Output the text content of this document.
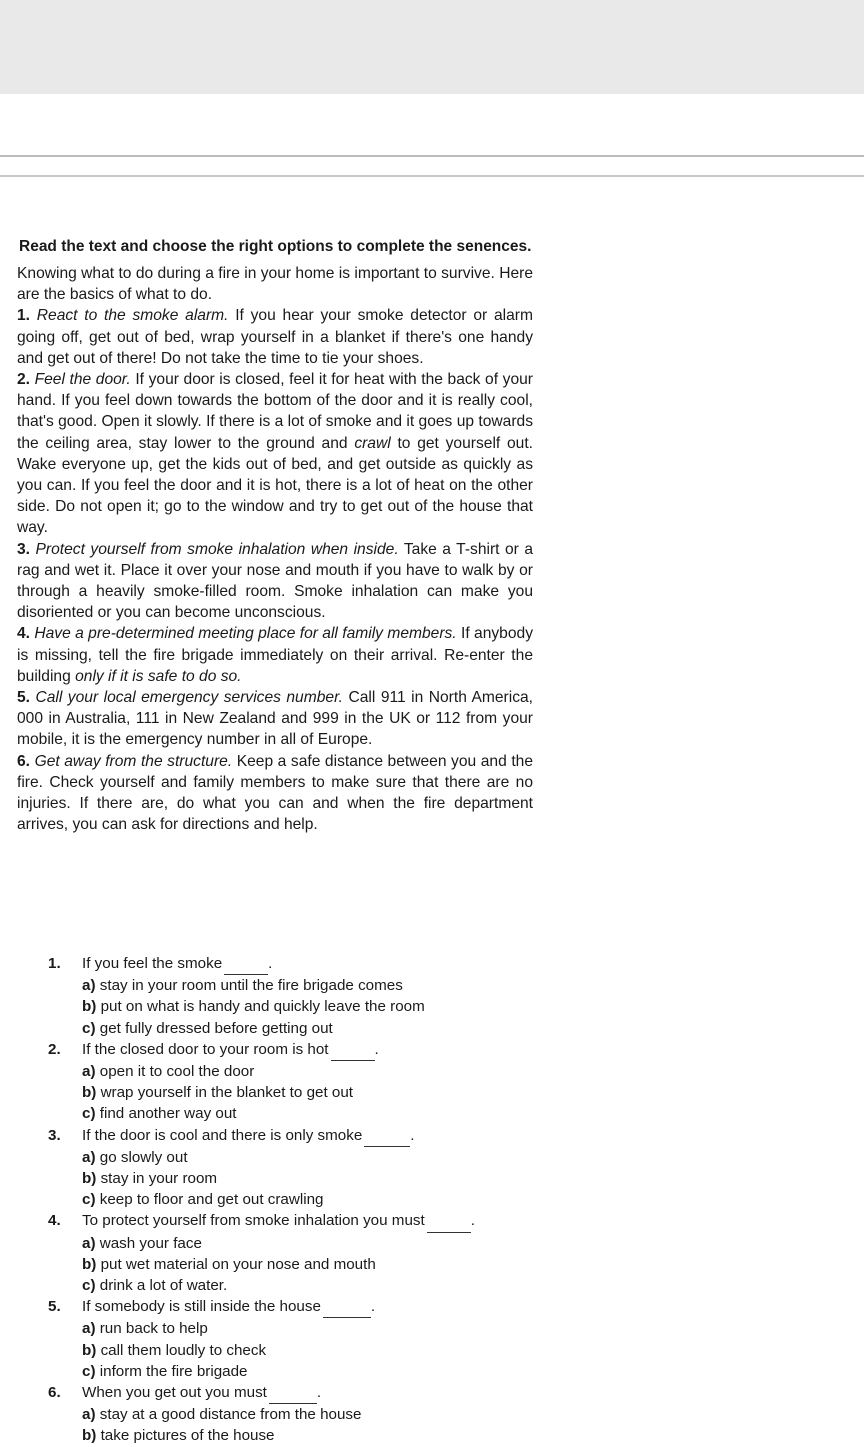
Read the text and choose the right options to complete the senences.

Knowing what to do during a fire in your home is important to survive. Here are the basics of what to do.

1. React to the smoke alarm. If you hear your smoke detector or alarm going off, get out of bed, wrap yourself in a blanket if there's one handy and get out of there! Do not take the time to tie your shoes.

2. Feel the door. If your door is closed, feel it for heat with the back of your hand. If you feel down towards the bottom of the door and it is really cool, that's good. Open it slowly. If there is a lot of smoke and it goes up towards the ceiling area, stay lower to the ground and crawl to get yourself out. Wake everyone up, get the kids out of bed, and get outside as quickly as you can. If you feel the door and it is hot, there is a lot of heat on the other side. Do not open it; go to the window and try to get out of the house that way.

3. Protect yourself from smoke inhalation when inside. Take a T-shirt or a rag and wet it. Place it over your nose and mouth if you have to walk by or through a heavily smoke-filled room. Smoke inhalation can make you disoriented or you can become unconscious.

4. Have a pre-determined meeting place for all family members. If anybody is missing, tell the fire brigade immediately on their arrival. Re-enter the building only if it is safe to do so.

5. Call your local emergency services number. Call 911 in North America, 000 in Australia, 111 in New Zealand and 999 in the UK or 112 from your mobile, it is the emergency number in all of Europe.

6. Get away from the structure. Keep a safe distance between you and the fire. Check yourself and family members to make sure that there are no injuries. If there are, do what you can and when the fire department arrives, you can ask for directions and help.

1.	If you feel the smoke	.
a) stay in your room until the fire brigade comes
b) put on what is handy and quickly leave the room
c) get fully dressed before getting out
2.	If the closed door to your room is hot	.
a) open it to cool the door
b) wrap yourself in the blanket to get out
c) find another way out
3.	If the door is cool and there is only smoke	.
a) go slowly out
b) stay in your room
c) keep to floor and get out crawling
4.	To protect yourself from smoke inhalation you must	.
a) wash your face
b) put wet material on your nose and mouth
c) drink a lot of water.
5.	If somebody is still inside the house	.
a) run back to help
b) call them loudly to check
c) inform the fire brigade
6.	When you get out you must	.
a) stay at a good distance from the house
b) take pictures of the house
